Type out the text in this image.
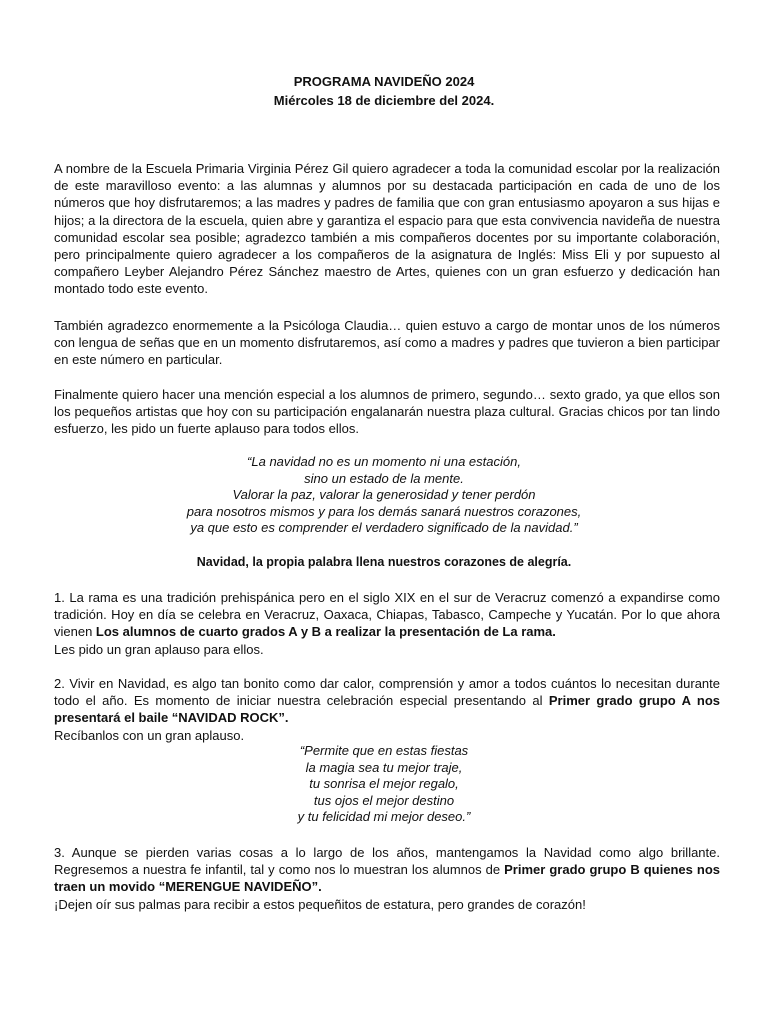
PROGRAMA NAVIDEÑO 2024
Miércoles 18 de diciembre del 2024.

A nombre de la Escuela Primaria Virginia Pérez Gil quiero agradecer a toda la comunidad escolar por la realización de este maravilloso evento: a las alumnas y alumnos por su destacada participación en cada de uno de los números que hoy disfrutaremos; a las madres y padres de familia que con gran entusiasmo apoyaron a sus hijas e hijos; a la directora de la escuela, quien abre y garantiza el espacio para que esta convivencia navideña de nuestra comunidad escolar sea posible; agradezco también a mis compañeros docentes por su importante colaboración, pero principalmente quiero agradecer a los compañeros de la asignatura de Inglés: Miss Eli y por supuesto al compañero Leyber Alejandro Pérez Sánchez maestro de Artes, quienes con un gran esfuerzo y dedicación han montado todo este evento.

También agradezco enormemente a la Psicóloga Claudia… quien estuvo a cargo de montar unos de los números con lengua de señas que en un momento disfrutaremos, así como a madres y padres que tuvieron a bien participar en este número en particular.

Finalmente quiero hacer una mención especial a los alumnos de primero, segundo… sexto grado, ya que ellos son los pequeños artistas que hoy con su participación engalanarán nuestra plaza cultural. Gracias chicos por tan lindo esfuerzo, les pido un fuerte aplauso para todos ellos.

“La navidad no es un momento ni una estación,
sino un estado de la mente.
Valorar la paz, valorar la generosidad y tener perdón
para nosotros mismos y para los demás sanará nuestros corazones,
ya que esto es comprender el verdadero significado de la navidad.”
Navidad, la propia palabra llena nuestros corazones de alegría.

1. La rama es una tradición prehispánica pero en el siglo XIX en el sur de Veracruz comenzó a expandirse como tradición. Hoy en día se celebra en Veracruz, Oaxaca, Chiapas, Tabasco, Campeche y Yucatán. Por lo que ahora vienen Los alumnos de cuarto grados A y B a realizar la presentación de La rama.
Les pido un gran aplauso para ellos.

2. Vivir en Navidad, es algo tan bonito como dar calor, comprensión y amor a todos cuántos lo necesitan durante todo el año. Es momento de iniciar nuestra celebración especial presentando al Primer grado grupo A nos presentará el baile “NAVIDAD ROCK”.
Recíbanlos con un gran aplauso.

“Permite que en estas fiestas
la magia sea tu mejor traje,
tu sonrisa el mejor regalo,
tus ojos el mejor destino
y tu felicidad mi mejor deseo.”

3. Aunque se pierden varias cosas a lo largo de los años, mantengamos la Navidad como algo brillante. Regresemos a nuestra fe infantil, tal y como nos lo muestran los alumnos de Primer grado grupo B quienes nos traen un movido “MERENGUE NAVIDEÑO”.
¡Dejen oír sus palmas para recibir a estos pequeñitos de estatura, pero grandes de corazón!
